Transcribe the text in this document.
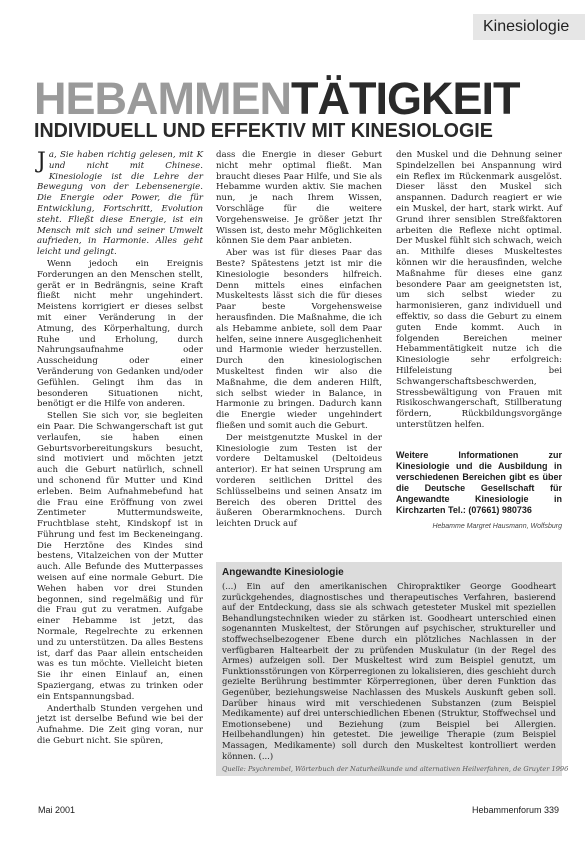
Kinesiologie
HEBAMMENTÄTIGKEIT
INDIVIDUELL UND EFFEKTIV MIT KINESIOLOGIE

Ja, Sie haben richtig gelesen, mit K und nicht mit Chinese. Kinesiologie ist die Lehre der Bewegung von der Lebensenergie. Die Energie oder Power, die für Entwicklung, Fortschritt, Evolution steht. Fließt diese Energie, ist ein Mensch mit sich und seiner Umwelt aufrieden, in Harmonie. Alles geht leicht und gelingt.

Wenn jedoch ein Ereignis Forderungen an den Menschen stellt, gerät er in Bedrängnis, seine Kraft fließt nicht mehr ungehindert. Meistens korrigiert er dieses selbst mit einer Veränderung in der Atmung, des Körperhaltung, durch Ruhe und Erholung, durch Nahrungsaufnahme oder Ausscheidung oder einer Veränderung von Gedanken und/oder Gefühlen. Gelingt ihm das in besonderen Situationen nicht, benötigt er die Hilfe von anderen.

Stellen Sie sich vor, sie begleiten ein Paar. Die Schwangerschaft ist gut verlaufen, sie haben einen Geburtsvorbereitungskurs besucht, sind motiviert und möchten jetzt auch die Geburt natürlich, schnell und schonend für Mutter und Kind erleben. Beim Aufnahmebefund hat die Frau eine Eröffnung von zwei Zentimeter Muttermundsweite, Fruchtblase steht, Kindskopf ist in Führung und fest im Beckeneingang. Die Herztöne des Kindes sind bestens, Vitalzeichen von der Mutter auch. Alle Befunde des Mutterpasses weisen auf eine normale Geburt. Die Wehen haben vor drei Stunden begonnen, sind regelmäßig und für die Frau gut zu veratmen. Aufgabe einer Hebamme ist jetzt, das Normale, Regelrechte zu erkennen und zu unterstützen. Da alles Bestens ist, darf das Paar allein entscheiden was es tun möchte. Vielleicht bieten Sie ihr einen Einlauf an, einen Spaziergang, etwas zu trinken oder ein Entspannungsbad.

Anderthalb Stunden vergehen und jetzt ist derselbe Befund wie bei der Aufnahme. Die Zeit ging voran, nur die Geburt nicht. Sie spüren,

dass die Energie in dieser Geburt nicht mehr optimal fließt. Man braucht dieses Paar Hilfe, und Sie als Hebamme wurden aktiv. Sie machen nun, je nach Ihrem Wissen, Vorschläge für die weitere Vorgehensweise. Je größer jetzt Ihr Wissen ist, desto mehr Möglichkeiten können Sie dem Paar anbieten.

Aber was ist für dieses Paar das Beste? Spätestens jetzt ist mir die Kinesiologie besonders hilfreich. Denn mittels eines einfachen Muskeltests lässt sich die für dieses Paar beste Vorgehensweise herausfinden. Die Maßnahme, die ich als Hebamme anbiete, soll dem Paar helfen, seine innere Ausgeglichenheit und Harmonie wieder herzustellen. Durch den kinesiologischen Muskeltest finden wir also die Maßnahme, die dem anderen Hilft, sich selbst wieder in Balance, in Harmonie zu bringen. Dadurch kann die Energie wieder ungehindert fließen und somit auch die Geburt.

Der meistgenutzte Muskel in der Kinesiologie zum Testen ist der vordere Deltamuskel (Deltoideus anterior). Er hat seinen Ursprung am vorderen seitlichen Drittel des Schlüsselbeins und seinen Ansatz im Bereich des oberen Drittel des äußeren Oberarmknochens. Durch leichten Druck auf

den Muskel und die Dehnung seiner Spindelzellen bei Anspannung wird ein Reflex im Rückenmark ausgelöst. Dieser lässt den Muskel sich anspannen. Dadurch reagiert er wie ein Muskel, der hart, stark wirkt. Auf Grund ihrer sensiblen Streßfaktoren arbeiten die Reflexe nicht optimal. Der Muskel fühlt sich schwach, weich an. Mithilfe dieses Muskeltestes können wir die herausfinden, welche Maßnahme für dieses eine ganz besondere Paar am geeignetsten ist, um sich selbst wieder zu harmonisieren, ganz individuell und effektiv, so dass die Geburt zu einem guten Ende kommt. Auch in folgenden Bereichen meiner Hebammentätigkeit nutze ich die Kinesiologie sehr erfolgreich: Hilfeleistung bei Schwangerschaftsbeschwerden, Stressbewältigung von Frauen mit Risikoschwangerschaft, Stillberatung fördern, Rückbildungsvorgänge unterstützen helfen.

Weitere Informationen zur Kinesiologie und die Ausbildung in verschiedenen Bereichen gibt es über die Deutsche Gesellschaft für Angewandte Kinesiologie in Kirchzarten Tel.: (07661) 980736
Hebamme Margret Hausmann, Wolfsburg
Angewandte Kinesiologie
(...) Ein auf den amerikanischen Chiropraktiker George Goodheart zurückgehendes, diagnostisches und therapeutisches Verfahren, basierend auf der Entdeckung, dass sie als schwach getesteter Muskel mit speziellen Behandlungstechniken wieder zu stärken ist. Goodheart unterschied einen sogenannten Muskeltest, der Störungen auf psychischer, struktureller und stoffwechselbezogener Ebene durch ein plötzliches Nachlassen in der verfügbaren Haltearbeit der zu prüfenden Muskulatur (in der Regel des Armes) aufzeigen soll. Der Muskeltest wird zum Beispiel genutzt, um Funktionsstörungen von Körperregionen zu lokalisieren, dies geschieht durch gezielte Berührung bestimmter Körperregionen, über deren Funktion das Gegenüber, beziehungsweise Nachlassen des Muskels Auskunft geben soll. Darüber hinaus wird mit verschiedenen Substanzen (zum Beispiel Medikamente) auf drei unterschiedlichen Ebenen (Struktur, Stoffwechsel und Emotionsebene) und Beziehung (zum Beispiel bei Allergien. Heilbehandlungen) hin getestet. Die jeweilige Therapie (zum Beispiel Massagen, Medikamente) soll durch den Muskeltest kontrolliert werden können. (...)
Quelle: Psychrembel, Wörterbuch der Naturheilkunde und alternativen Heilverfahren, de Gruyter 1996
Mai 2001	Hebammenforum 339
